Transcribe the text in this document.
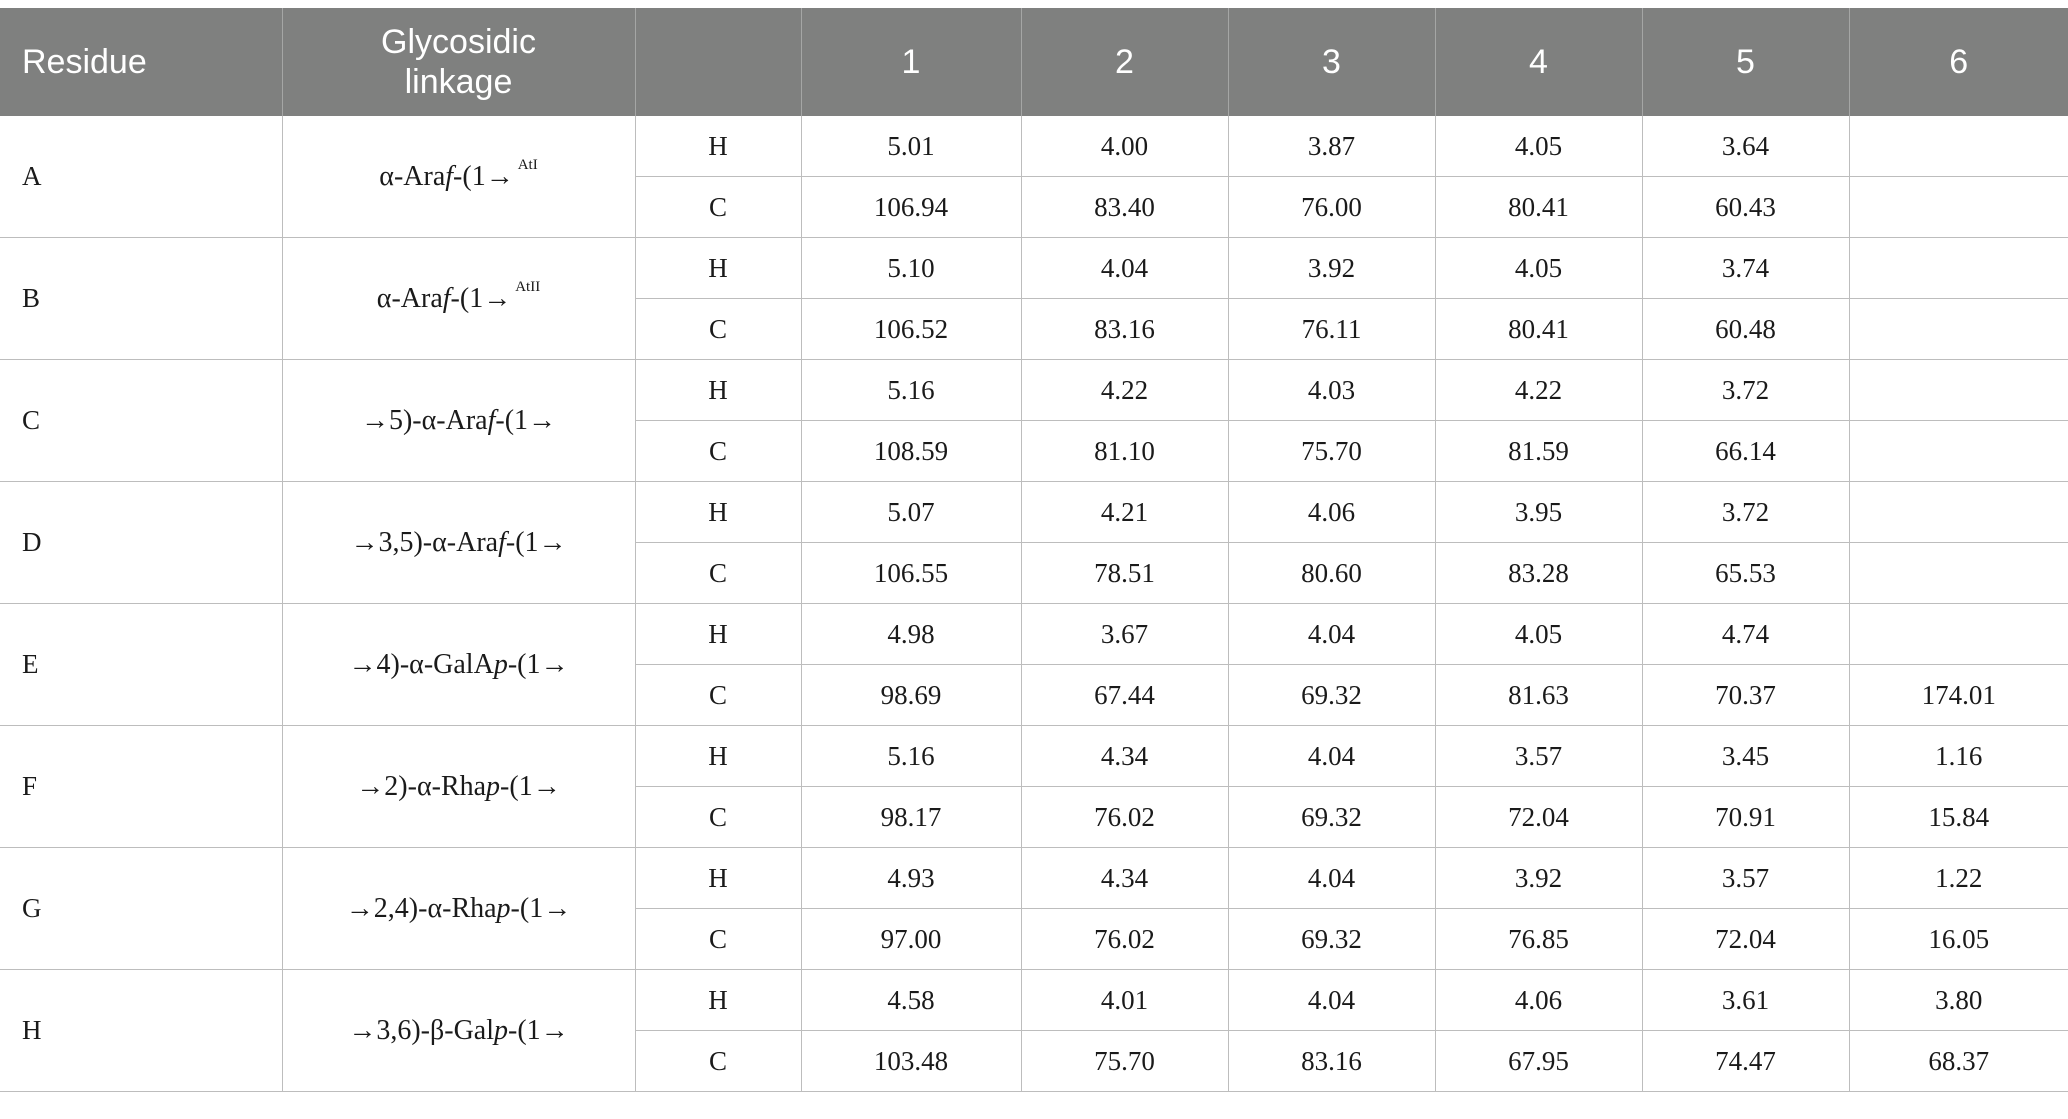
Residue	Glycosidic
linkage		1	2	3	4	5	6
A	α-Araf-(1→ $^{AtI}$	H	5.01	4.00	3.87	4.05	3.64	
		C	106.94	83.40	76.00	80.41	60.43	
B	α-Araf-(1→ $^{AtII}$	H	5.10	4.04	3.92	4.05	3.74	
		C	106.52	83.16	76.11	80.41	60.48	
C	→5)-α-Araf-(1→	H	5.16	4.22	4.03	4.22	3.72	
		C	108.59	81.10	75.70	81.59	66.14	
D	→3,5)-α-Araf-(1→	H	5.07	4.21	4.06	3.95	3.72	
		C	106.55	78.51	80.60	83.28	65.53	
E	→4)-α-GalAp-(1→	H	4.98	3.67	4.04	4.05	4.74	
		C	98.69	67.44	69.32	81.63	70.37	174.01
F	→2)-α-Rhap-(1→	H	5.16	4.34	4.04	3.57	3.45	1.16
		C	98.17	76.02	69.32	72.04	70.91	15.84
G	→2,4)-α-Rhap-(1→	H	4.93	4.34	4.04	3.92	3.57	1.22
		C	97.00	76.02	69.32	76.85	72.04	16.05
H	→3,6)-β-Galp-(1→	H	4.58	4.01	4.04	4.06	3.61	3.80
		C	103.48	75.70	83.16	67.95	74.47	68.37
